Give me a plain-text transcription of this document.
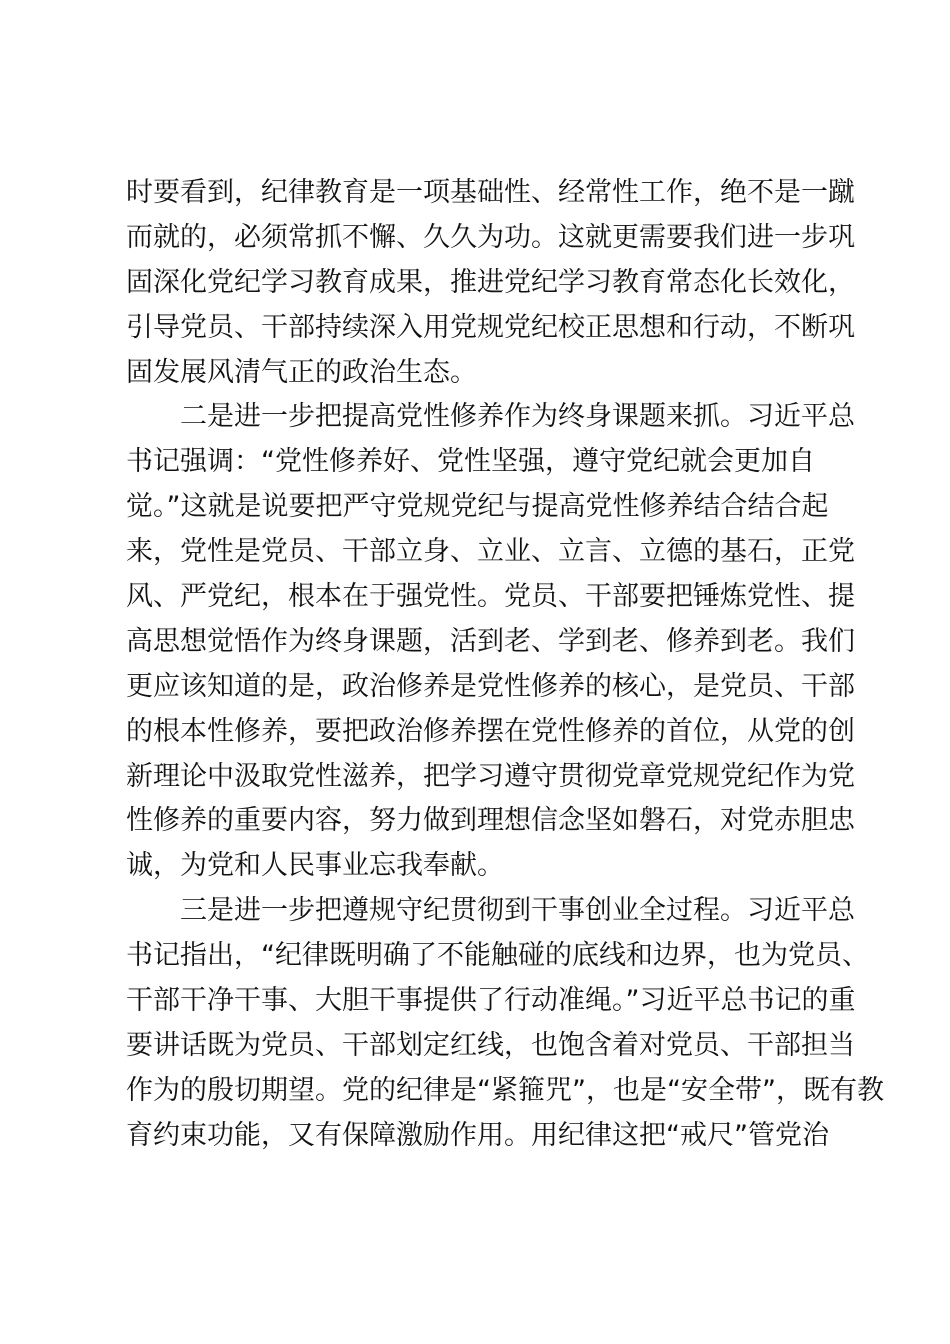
时要看到，纪律教育是一项基础性、经常性工作，绝不是一蹴
而就的，必须常抓不懈、久久为功。这就更需要我们进一步巩
固深化党纪学习教育成果，推进党纪学习教育常态化长效化，
引导党员、干部持续深入用党规党纪校正思想和行动，不断巩
固发展风清气正的政治生态。
二是进一步把提高党性修养作为终身课题来抓。习近平总
书记强调：“党性修养好、党性坚强，遵守党纪就会更加自
觉。”这就是说要把严守党规党纪与提高党性修养结合结合起
来，党性是党员、干部立身、立业、立言、立德的基石，正党
风、严党纪，根本在于强党性。党员、干部要把锤炼党性、提
高思想觉悟作为终身课题，活到老、学到老、修养到老。我们
更应该知道的是，政治修养是党性修养的核心，是党员、干部
的根本性修养，要把政治修养摆在党性修养的首位，从党的创
新理论中汲取党性滋养，把学习遵守贯彻党章党规党纪作为党
性修养的重要内容，努力做到理想信念坚如磐石，对党赤胆忠
诚，为党和人民事业忘我奉献。
三是进一步把遵规守纪贯彻到干事创业全过程。习近平总
书记指出，“纪律既明确了不能触碰的底线和边界，也为党员、
干部干净干事、大胆干事提供了行动准绳。”习近平总书记的重
要讲话既为党员、干部划定红线，也饱含着对党员、干部担当
作为的殷切期望。党的纪律是“紧箍咒”，也是“安全带”，既有教
育约束功能，又有保障激励作用。用纪律这把“戒尺”管党治
